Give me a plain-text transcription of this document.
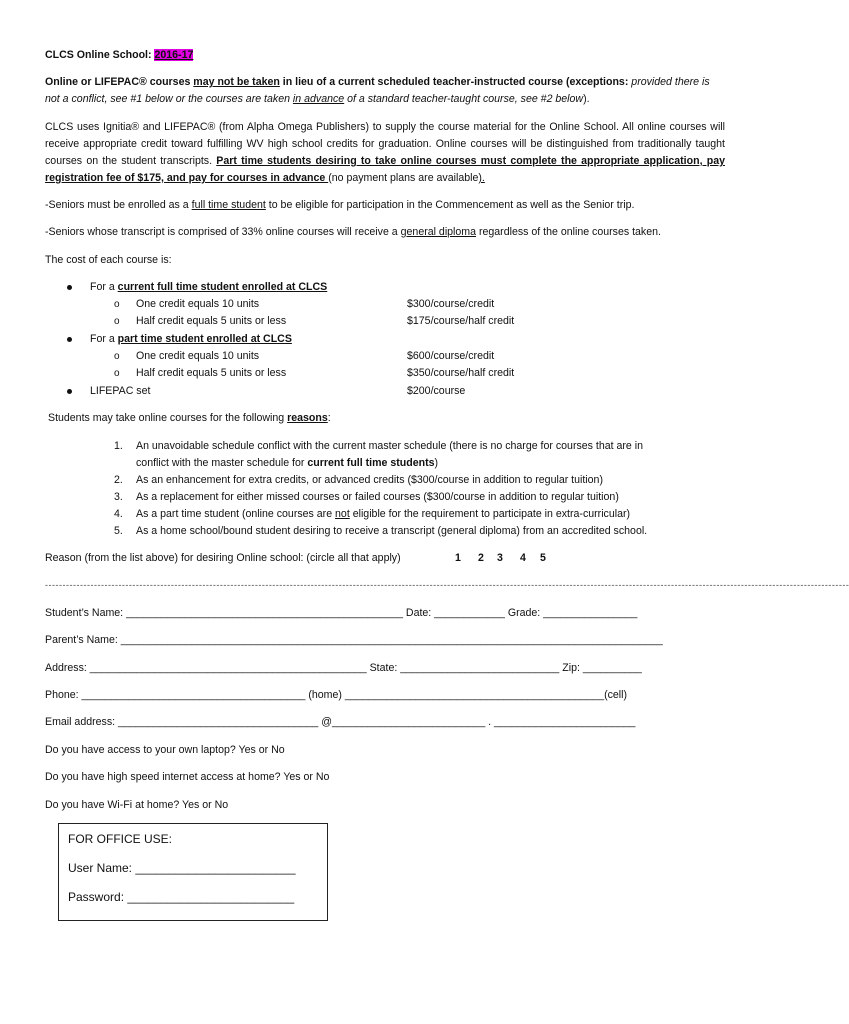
CLCS Online School: 2016-17
Online or LIFEPAC® courses may not be taken in lieu of a current scheduled teacher-instructed course (exceptions: provided there is
not a conflict, see #1 below or the courses are taken in advance of a standard teacher-taught course, see #2 below).
CLCS uses Ignitia® and LIFEPAC® (from Alpha Omega Publishers) to supply the course material for the Online School. All online courses will receive appropriate credit toward fulfilling WV high school credits for graduation. Online courses will be distinguished from traditionally taught courses on the student transcripts. Part time students desiring to take online courses must complete the appropriate application, pay registration fee of $175, and pay for courses in advance (no payment plans are available).
-Seniors must be enrolled as a full time student to be eligible for participation in the Commencement as well as the Senior trip.
-Seniors whose transcript is comprised of 33% online courses will receive a general diploma regardless of the online courses taken.
The cost of each course is:
For a current full time student enrolled at CLCS
o One credit equals 10 units	$300/course/credit
o Half credit equals 5 units or less	$175/course/half credit
For a part time student enrolled at CLCS
o One credit equals 10 units	$600/course/credit
o Half credit equals 5 units or less	$350/course/half credit
LIFEPAC set	$200/course
Students may take online courses for the following reasons:
1. An unavoidable schedule conflict with the current master schedule (there is no charge for courses that are in
conflict with the master schedule for current full time students)
2. As an enhancement for extra credits, or advanced credits ($300/course in addition to regular tuition)
3. As a replacement for either missed courses or failed courses ($300/course in addition to regular tuition)
4. As a part time student (online courses are not eligible for the requirement to participate in extra-curricular)
5. As a home school/bound student desiring to receive a transcript (general diploma) from an accredited school.
Reason (from the list above) for desiring Online school: (circle all that apply)	1 2 3 4 5
--------------------------------------------------------------------------------------------------------------------------------------------------------------------------------------------------------------------------------------
Student’s Name: _______________________________________________ Date: ____________ Grade: ________________
Parent’s Name: ____________________________________________________________________________________________
Address: _______________________________________________ State: ___________________________ Zip: __________
Phone: ______________________________________ (home) ____________________________________________(cell)
Email address: __________________________________ @__________________________ . ________________________
Do you have access to your own laptop? Yes or No
Do you have high speed internet access at home? Yes or No
Do you have Wi-Fi at home? Yes or No
FOR OFFICE USE:
User Name: ________________________
Password: _________________________
